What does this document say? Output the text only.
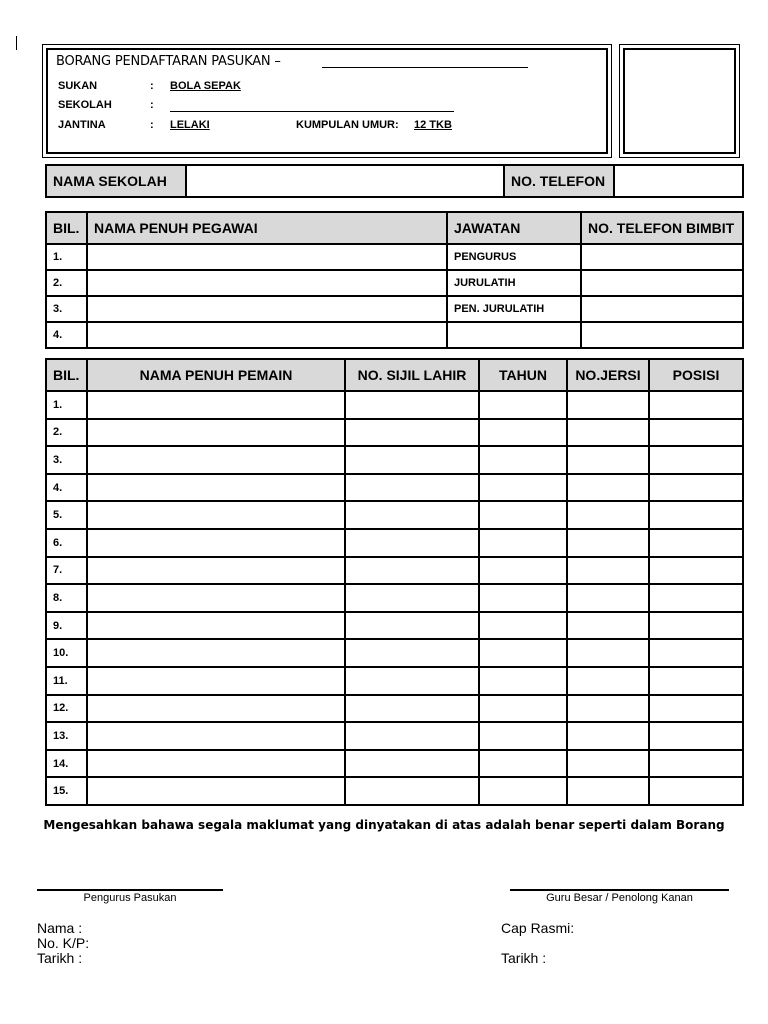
BORANG PENDAFTARAN PASUKAN –
SUKAN	: BOLA SEPAK
SEKOLAH	:
JANTINA	: LELAKI	KUMPULAN UMUR: 12 TKB
NAMA SEKOLAH		NO. TELEFON	
BIL.	NAMA PENUH PEGAWAI	JAWATAN	NO. TELEFON BIMBIT
1.		PENGURUS	
2.		JURULATIH	
3.		PEN. JURULATIH	
4.			
BIL.	NAMA PENUH PEMAIN	NO. SIJIL LAHIR	TAHUN	NO.JERSI	POSISI
1.					
2.					
3.					
4.					
5.					
6.					
7.					
8.					
9.					
10.					
11.					
12.					
13.					
14.					
15.					
Mengesahkan bahawa segala maklumat yang dinyatakan di atas adalah benar seperti dalam Borang
Pengurus Pasukan	Guru Besar / Penolong Kanan
Nama :
No. K/P:
Tarikh :
Cap Rasmi:
Tarikh :
